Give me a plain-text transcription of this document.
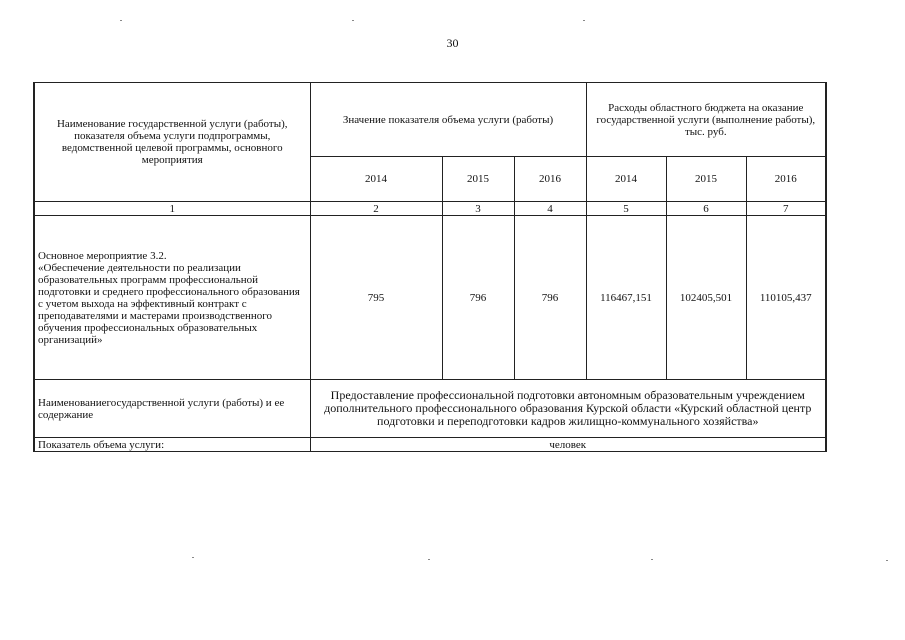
30
Наименование государственной услуги (работы), показателя объема услуги подпрограммы, ведомственной целевой программы, основного мероприятия	Значение показателя объема услуги (работы)			Расходы областного бюджета на оказание государственной услуги (выполнение работы), тыс. руб.		
	2014	2015	2016	2014	2015	2016
1	2	3	4	5	6	7
Основное мероприятие 3.2.
«Обеспечение деятельности по реализации образовательных программ профессиональной подготовки и среднего профессионального образования с учетом выхода на эффективный контракт с преподавателями и мастерами производственного обучения профессиональных образовательных организаций»	795	796	796	116467,151	102405,501	110105,437
Наименованиегосударственной услуги (работы) и ее содержание	Предоставление профессиональной подготовки автономным образовательным учреждением дополнительного профессионального образования Курской области «Курский областной центр подготовки и переподготовки кадров жилищно-коммунального хозяйства»					
Показатель объема услуги:	человек					
